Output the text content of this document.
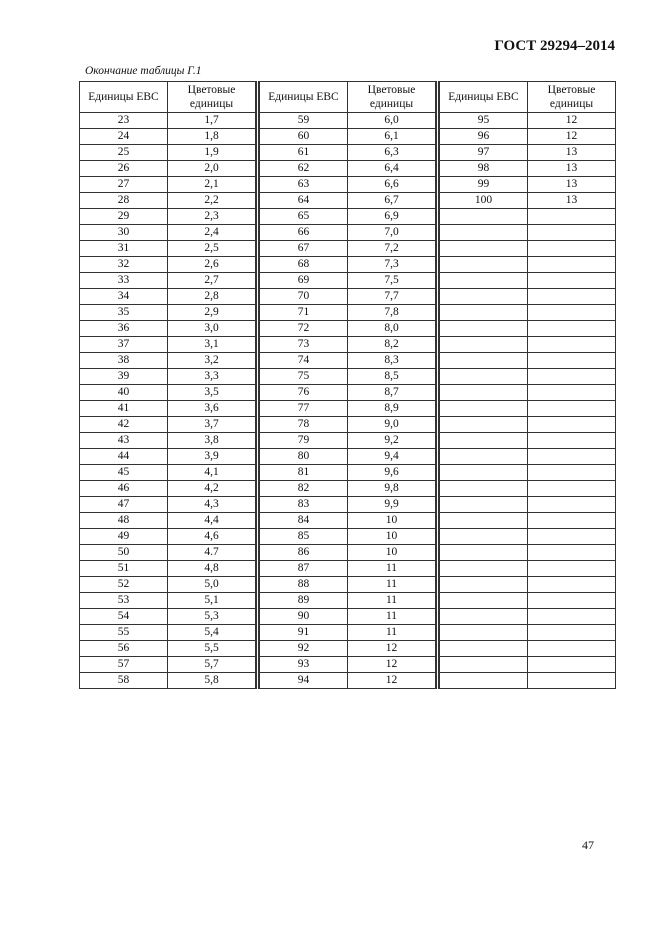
ГОСТ 29294–2014
Окончание таблицы Г.1
Единицы ЕВС	Цветовые единицы
23	1,7
24	1,8
25	1,9
26	2,0
27	2,1
28	2,2
29	2,3
30	2,4
31	2,5
32	2,6
33	2,7
34	2,8
35	2,9
36	3,0
37	3,1
38	3,2
39	3,3
40	3,5
41	3,6
42	3,7
43	3,8
44	3,9
45	4,1
46	4,2
47	4,3
48	4,4
49	4,6
50	4.7
51	4,8
52	5,0
53	5,1
54	5,3
55	5,4
56	5,5
57	5,7
58	5,8
Единицы ЕВС	Цветовые единицы
59	6,0
60	6,1
61	6,3
62	6,4
63	6,6
64	6,7
65	6,9
66	7,0
67	7,2
68	7,3
69	7,5
70	7,7
71	7,8
72	8,0
73	8,2
74	8,3
75	8,5
76	8,7
77	8,9
78	9,0
79	9,2
80	9,4
81	9,6
82	9,8
83	9,9
84	10
85	10
86	10
87	11
88	11
89	11
90	11
91	11
92	12
93	12
94	12
Единицы ЕВС	Цветовые единицы
95	12
96	12
97	13
98	13
99	13
100	13

47
